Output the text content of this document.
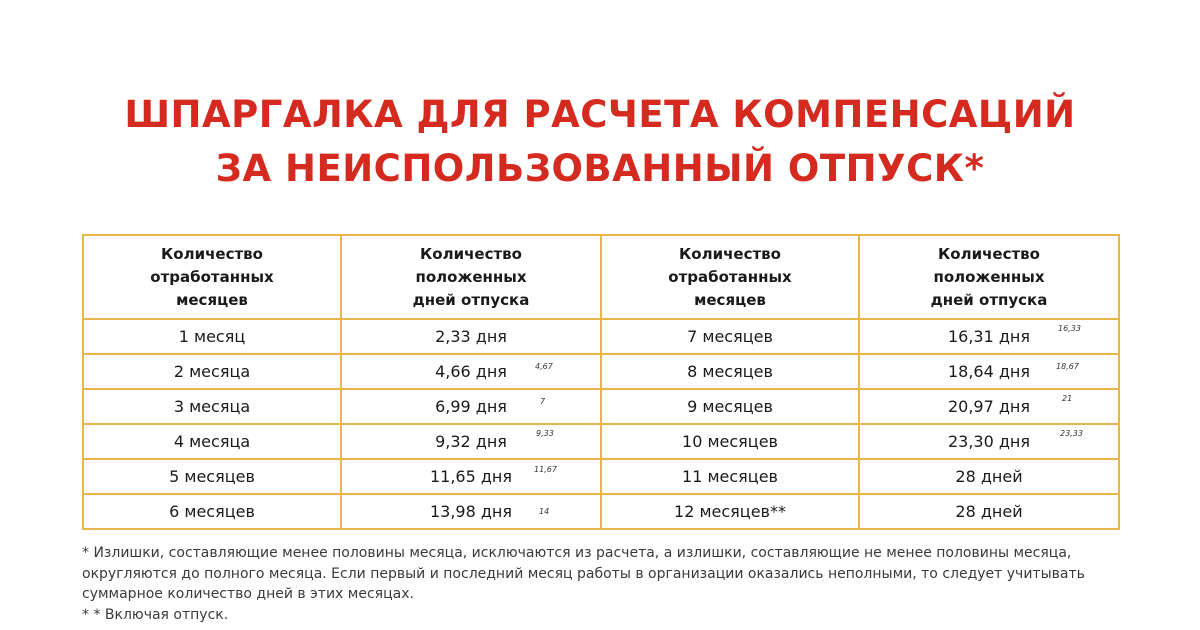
ШПАРГАЛКА ДЛЯ РАСЧЕТА КОМПЕНСАЦИЙ
ЗА НЕИСПОЛЬЗОВАННЫЙ ОТПУСК*
Количество
отработанных
месяцев	Количество
положенных
дней отпуска	Количество
отработанных
месяцев	Количество
положенных
дней отпуска

1 месяц	2,33 дня	7 месяцев	16,31 дня 16,33

2 месяца	4,66 дня 4,67	8 месяцев	18,64 дня 18,67

3 месяца	6,99 дня 7	9 месяцев	20,97 дня 21

4 месяца	9,32 дня 9,33	10 месяцев	23,30 дня 23,33

5 месяцев	11,65 дня 11,67	11 месяцев	28 дней
6 месяцев	13,98 дня 14	12 месяцев**	28 дней

* Излишки, составляющие менее половины месяца, исключаются из расчета, а излишки, составляющие не менее половины месяца, округляются до полного месяца. Если первый и последний месяц работы в организации оказались неполными, то следует учитывать суммарное количество дней в этих месяцах.

* * Включая отпуск.
